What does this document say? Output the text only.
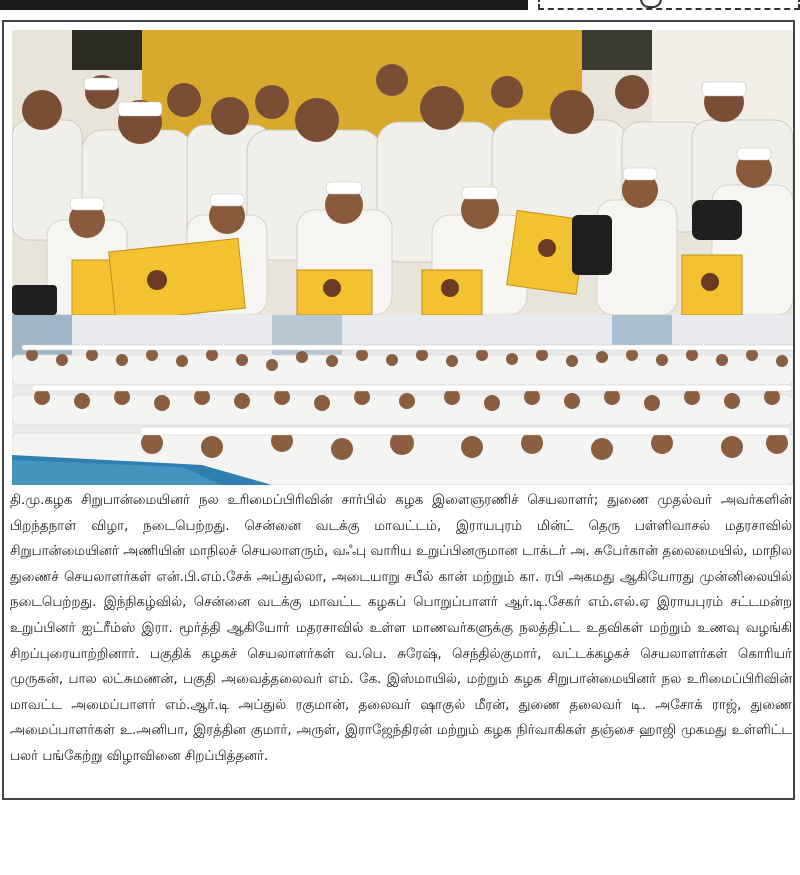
தி.மு.கழக சிறுபான்மையினர் நல உரிமைப்பிரிவின் சார்பில் கழக இளைஞரணிச் செயலாளர்; துணை முதல்வர் அவர்களின் பிறந்தநாள் விழா, நடைபெற்றது. சென்னை வடக்கு மாவட்டம், இராயபுரம் மின்ட் தெரு பள்ளிவாசல் மதரசாவில் சிறுபான்மையினர் அணியின் மாநிலச் செயலாளரும், வஃபு வாரிய உறுப்பினருமான டாக்டர் அ. சுபேர்கான் தலைமையில், மாநில துணைச் செயலாளர்கள் என்.பி.எம்.சேக் அப்துல்லா, அடையாறு சபீல் கான் மற்றும் கா. ரபி அகமது ஆகியோரது முன்னிலையில் நடைபெற்றது. இந்நிகழ்வில், சென்னை வடக்கு மாவட்ட கழகப் பொறுப்பாளர் ஆர்.டி.சேகர் எம்.எல்.ஏ இராயபுரம் சட்டமன்ற உறுப்பினர் ஐட்ரீம்ஸ் இரா. மூர்த்தி ஆகியோர் மதரசாவில் உள்ள மாணவர்களுக்கு நலத்திட்ட உதவிகள் மற்றும் உணவு வழங்கி சிறப்புரையாற்றினார். பகுதிக் கழகச் செயலாளர்கள் வ.பெ. சுரேஷ், செந்தில்குமார், வட்டக்கழகச் செயலாளர்கள் கொரியர் முருகன், பால லட்சுமணன், பகுதி அவைத்தலைவர் எம். கே. இஸ்மாயில், மற்றும் கழக சிறுபான்மையினர் நல உரிமைப்பிரிவின் மாவட்ட அமைப்பாளர் எம்.ஆர்.டி அப்துல் ரகுமான், தலைவர் ஷாகுல் மீரன், துணை தலைவர் டி. அசோக் ராஜ், துணை அமைப்பாளர்கள் உ.அனிபா, இரத்தின குமார், அருள், இராஜேந்திரன் மற்றும் கழக நிர்வாகிகள் தஞ்சை ஹாஜி முகமது உள்ளிட்ட பலர் பங்கேற்று விழாவினை சிறப்பித்தனர்.
